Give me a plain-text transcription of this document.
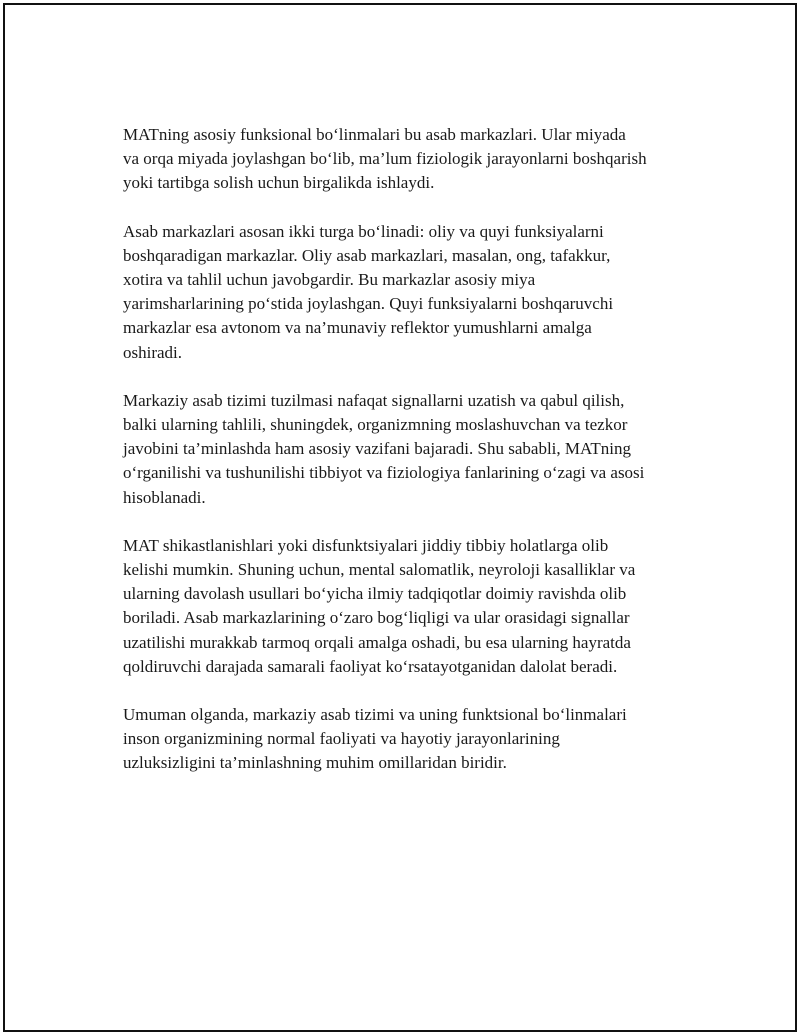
MATning asosiy funksional bo‘linmalari bu asab markazlari. Ular miyada
va orqa miyada joylashgan bo‘lib, ma’lum fiziologik jarayonlarni boshqarish
yoki tartibga solish uchun birgalikda ishlaydi.

Asab markazlari asosan ikki turga bo‘linadi: oliy va quyi funksiyalarni
boshqaradigan markazlar. Oliy asab markazlari, masalan, ong, tafakkur,
xotira va tahlil uchun javobgardir. Bu markazlar asosiy miya
yarimsharlarining po‘stida joylashgan. Quyi funksiyalarni boshqaruvchi
markazlar esa avtonom va na’munaviy reflektor yumushlarni amalga
oshiradi.

Markaziy asab tizimi tuzilmasi nafaqat signallarni uzatish va qabul qilish,
balki ularning tahlili, shuningdek, organizmning moslashuvchan va tezkor
javobini ta’minlashda ham asosiy vazifani bajaradi. Shu sababli, MATning
o‘rganilishi va tushunilishi tibbiyot va fiziologiya fanlarining o‘zagi va asosi
hisoblanadi.

MAT shikastlanishlari yoki disfunktsiyalari jiddiy tibbiy holatlarga olib
kelishi mumkin. Shuning uchun, mental salomatlik, neyroloji kasalliklar va
ularning davolash usullari bo‘yicha ilmiy tadqiqotlar doimiy ravishda olib
boriladi. Asab markazlarining o‘zaro bog‘liqligi va ular orasidagi signallar
uzatilishi murakkab tarmoq orqali amalga oshadi, bu esa ularning hayratda
qoldiruvchi darajada samarali faoliyat ko‘rsatayotganidan dalolat beradi.

Umuman olganda, markaziy asab tizimi va uning funktsional bo‘linmalari
inson organizmining normal faoliyati va hayotiy jarayonlarining
uzluksizligini ta’minlashning muhim omillaridan biridir.
